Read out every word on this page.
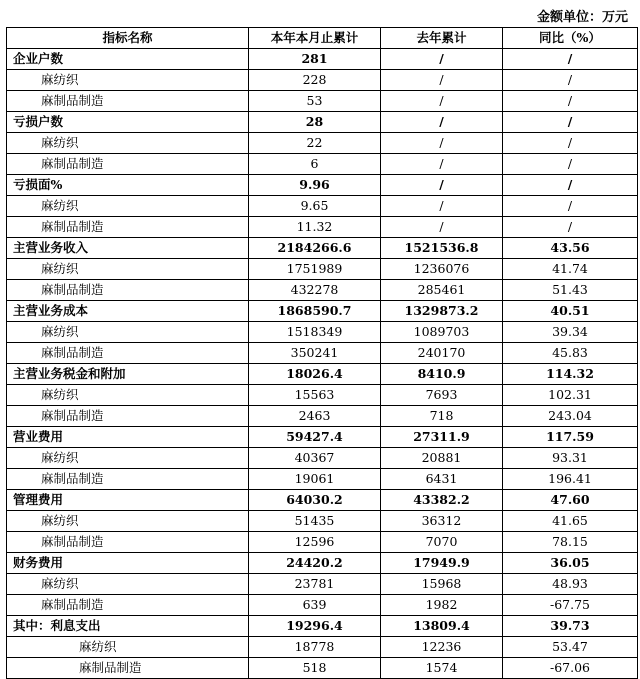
金额单位：万元
指标名称	本年本月止累计	去年累计	同比（%）
企业户数	281	/	/
麻纺织	228	/	/
麻制品制造	53	/	/
亏损户数	28	/	/
麻纺织	22	/	/
麻制品制造	6	/	/
亏损面%	9.96	/	/
麻纺织	9.65	/	/
麻制品制造	11.32	/	/
主营业务收入	2184266.6	1521536.8	43.56
麻纺织	1751989	1236076	41.74
麻制品制造	432278	285461	51.43
主营业务成本	1868590.7	1329873.2	40.51
麻纺织	1518349	1089703	39.34
麻制品制造	350241	240170	45.83
主营业务税金和附加	18026.4	8410.9	114.32
麻纺织	15563	7693	102.31
麻制品制造	2463	718	243.04
营业费用	59427.4	27311.9	117.59
麻纺织	40367	20881	93.31
麻制品制造	19061	6431	196.41
管理费用	64030.2	43382.2	47.60
麻纺织	51435	36312	41.65
麻制品制造	12596	7070	78.15
财务费用	24420.2	17949.9	36.05
麻纺织	23781	15968	48.93
麻制品制造	639	1982	-67.75
其中：利息支出	19296.4	13809.4	39.73
麻纺织	18778	12236	53.47
麻制品制造	518	1574	-67.06
